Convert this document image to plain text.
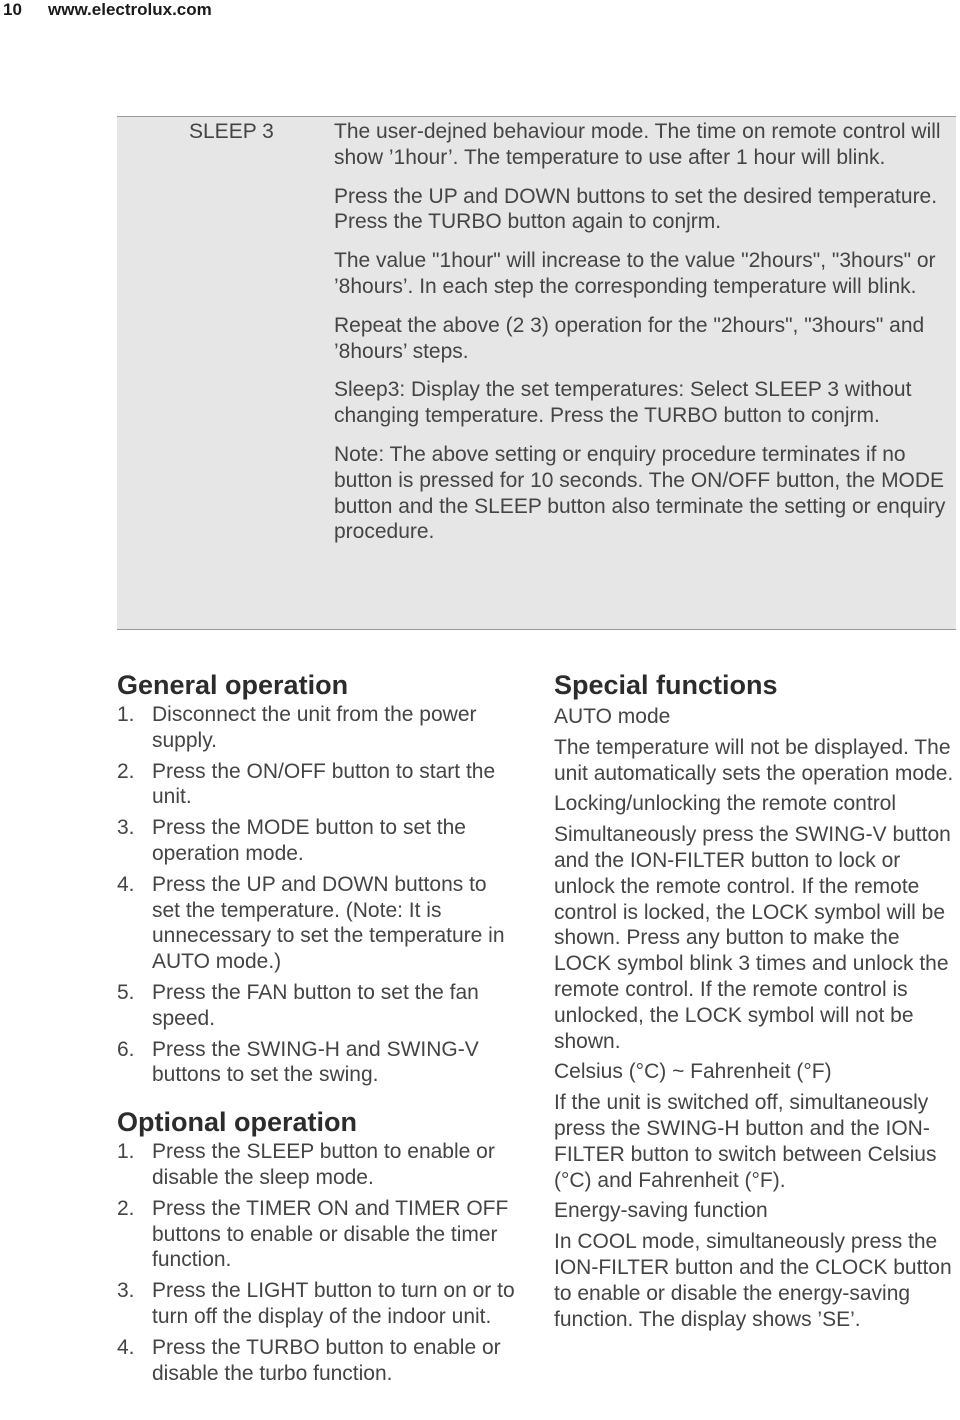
10 www.electrolux.com
SLEEP 3	The user-dejned behaviour mode. The time on remote control will show ’1hour’. The temperature to use after 1 hour will blink.

Press the UP and DOWN buttons to set the desired temperature. Press the TURBO button again to conjrm.

The value "1hour" will increase to the value "2hours", "3hours" or ’8hours’. In each step the corresponding temperature will blink.

Repeat the above (2 3) operation for the "2hours", "3hours" and ’8hours’ steps.

Sleep3: Display the set temperatures: Select SLEEP 3 without changing temperature. Press the TURBO button to conjrm.

Note: The above setting or enquiry procedure terminates if no button is pressed for 10 seconds. The ON/OFF button, the MODE button and the SLEEP button also terminate the setting or enquiry procedure.

General operation
1. Disconnect the unit from the power supply.
2. Press the ON/OFF button to start the unit.
3. Press the MODE button to set the operation mode.
4. Press the UP and DOWN buttons to set the temperature. (Note: It is unnecessary to set the temperature in AUTO mode.)
5. Press the FAN button to set the fan speed.
6. Press the SWING-H and SWING-V buttons to set the swing.
Optional operation
1. Press the SLEEP button to enable or disable the sleep mode.
2. Press the TIMER ON and TIMER OFF buttons to enable or disable the timer function.
3. Press the LIGHT button to turn on or to turn off the display of the indoor unit.
4. Press the TURBO button to enable or disable the turbo function.
Special functions

AUTO mode

The temperature will not be displayed. The unit automatically sets the operation mode.

Locking/unlocking the remote control

Simultaneously press the SWING-V button and the ION-FILTER button to lock or unlock the remote control. If the remote control is locked, the LOCK symbol will be shown. Press any button to make the LOCK symbol blink 3 times and unlock the remote control. If the remote control is unlocked, the LOCK symbol will not be shown.

Celsius (°C) ~ Fahrenheit (°F)

If the unit is switched off, simultaneously press the SWING-H button and the ION-FILTER button to switch between Celsius (°C) and Fahrenheit (°F).

Energy-saving function

In COOL mode, simultaneously press the ION-FILTER button and the CLOCK button to enable or disable the energy-saving function. The display shows ’SE’.
